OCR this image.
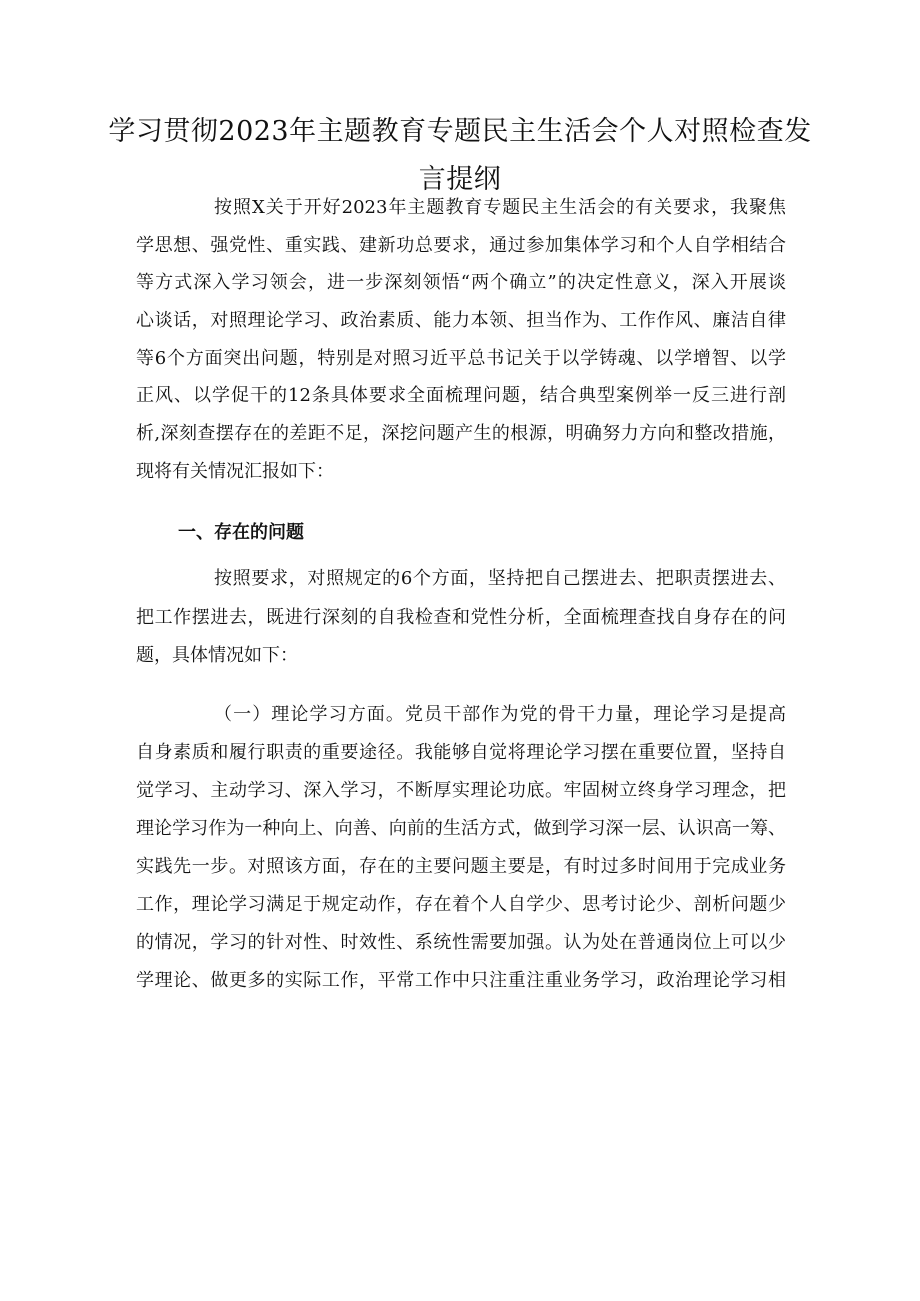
学习贯彻2023年主题教育专题民主生活会个人对照检查发
言提纲
按照X关于开好2023年主题教育专题民主生活会的有关要求，我聚焦
学思想、强党性、重实践、建新功总要求，通过参加集体学习和个人自学相结合
等方式深入学习领会，进一步深刻领悟“两个确立”的决定性意义，深入开展谈
心谈话，对照理论学习、政治素质、能力本领、担当作为、工作作风、廉洁自律
等6个方面突出问题，特别是对照习近平总书记关于以学铸魂、以学增智、以学
正风、以学促干的12条具体要求全面梳理问题，结合典型案例举一反三进行剖
析,深刻查摆存在的差距不足，深挖问题产生的根源，明确努力方向和整改措施，
现将有关情况汇报如下：
一、存在的问题
按照要求，对照规定的6个方面，坚持把自己摆进去、把职责摆进去、
把工作摆进去，既进行深刻的自我检查和党性分析，全面梳理查找自身存在的问
题，具体情况如下：
（一）理论学习方面。党员干部作为党的骨干力量，理论学习是提高
自身素质和履行职责的重要途径。我能够自觉将理论学习摆在重要位置，坚持自
觉学习、主动学习、深入学习，不断厚实理论功底。牢固树立终身学习理念，把
理论学习作为一种向上、向善、向前的生活方式，做到学习深一层、认识高一筹、
实践先一步。对照该方面，存在的主要问题主要是，有时过多时间用于完成业务
工作，理论学习满足于规定动作，存在着个人自学少、思考讨论少、剖析问题少
的情况，学习的针对性、时效性、系统性需要加强。认为处在普通岗位上可以少
学理论、做更多的实际工作，平常工作中只注重注重业务学习，政治理论学习相
